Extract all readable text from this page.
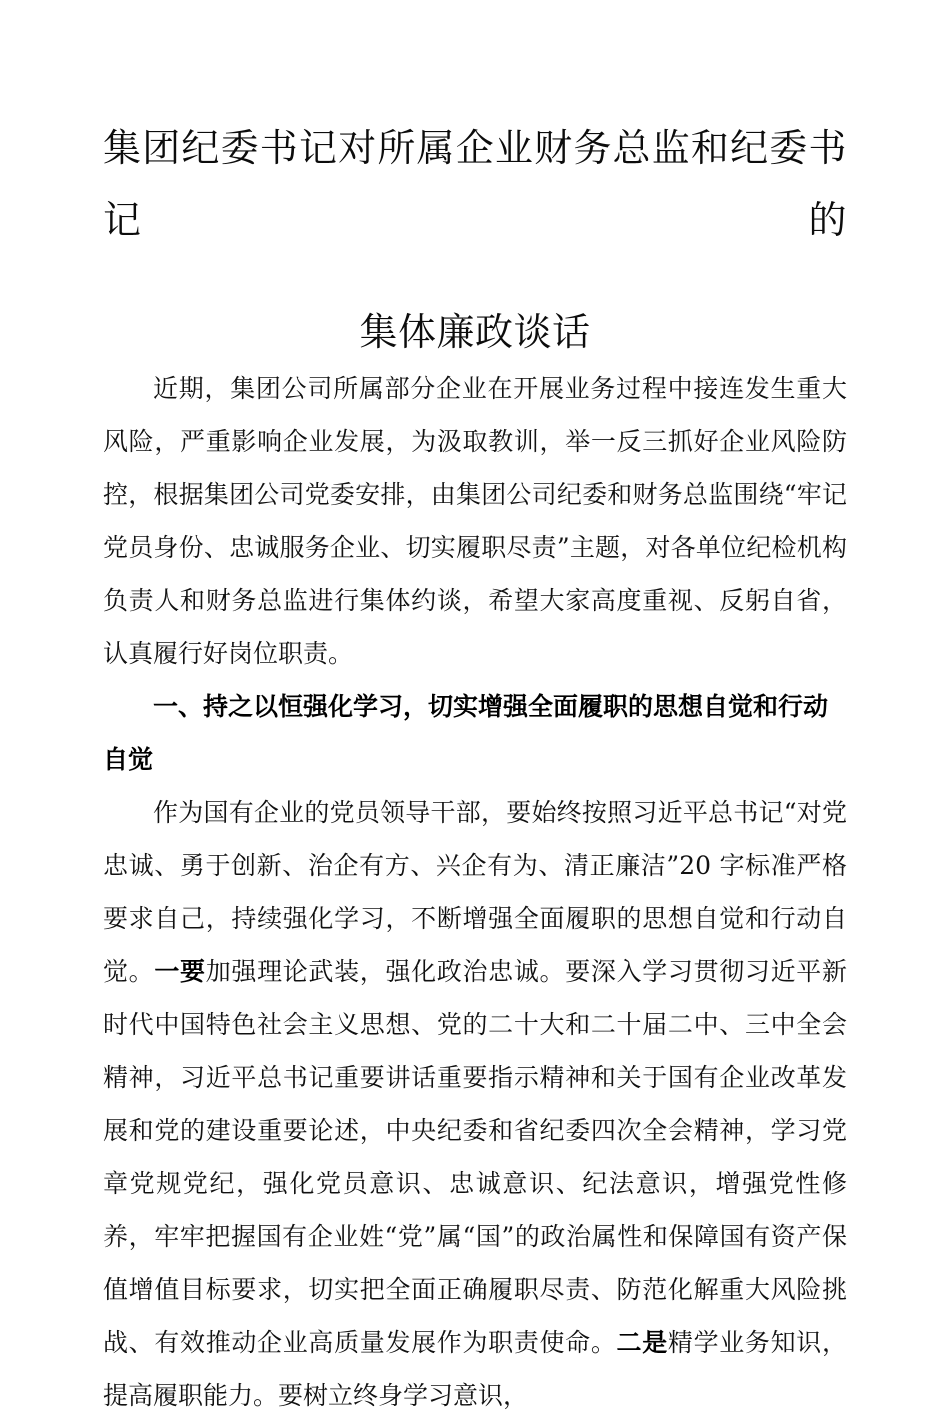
集团纪委书记对所属企业财务总监和纪委书记的
集体廉政谈话

近期，集团公司所属部分企业在开展业务过程中接连发生重大风险，严重影响企业发展，为汲取教训，举一反三抓好企业风险防控，根据集团公司党委安排，由集团公司纪委和财务总监围绕“牢记党员身份、忠诚服务企业、切实履职尽责”主题，对各单位纪检机构负责人和财务总监进行集体约谈，希望大家高度重视、反躬自省，认真履行好岗位职责。

一、持之以恒强化学习，切实增强全面履职的思想自觉和行动自觉

作为国有企业的党员领导干部，要始终按照习近平总书记“对党忠诚、勇于创新、治企有方、兴企有为、清正廉洁”20 字标准严格要求自己，持续强化学习，不断增强全面履职的思想自觉和行动自觉。一要加强理论武装，强化政治忠诚。要深入学习贯彻习近平新时代中国特色社会主义思想、党的二十大和二十届二中、三中全会精神，习近平总书记重要讲话重要指示精神和关于国有企业改革发展和党的建设重要论述，中央纪委和省纪委四次全会精神，学习党章党规党纪，强化党员意识、忠诚意识、纪法意识，增强党性修养，牢牢把握国有企业姓“党”属“国”的政治属性和保障国有资产保值增值目标要求，切实把全面正确履职尽责、防范化解重大风险挑战、有效推动企业高质量发展作为职责使命。二是精学业务知识，提高履职能力。要树立终身学习意识，
